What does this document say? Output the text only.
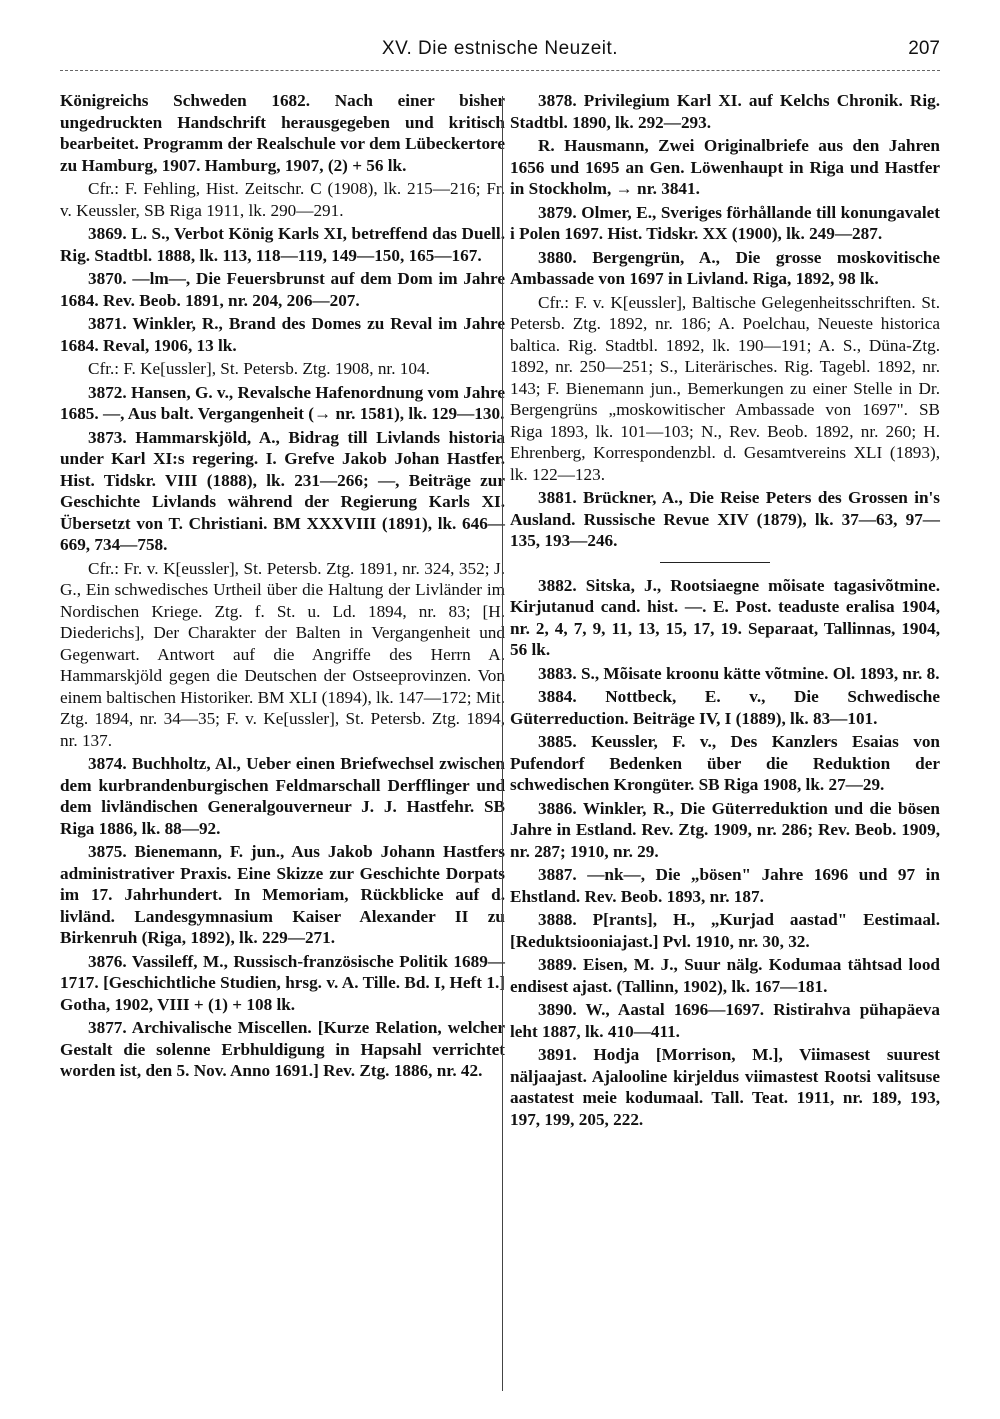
XV. Die estnische Neuzeit.	207

Königreichs Schweden 1682. Nach einer bisher ungedruckten Handschrift herausgegeben und kritisch bearbeitet. Programm der Realschule vor dem Lübeckertore zu Hamburg, 1907. Hamburg, 1907, (2) + 56 lk.

Cfr.: F. Fehling, Hist. Zeitschr. C (1908), lk. 215—216; Fr. v. Keussler, SB Riga 1911, lk. 290—291.

3869. L. S., Verbot König Karls XI, betreffend das Duell. Rig. Stadtbl. 1888, lk. 113, 118—119, 149—150, 165—167.

3870. —lm—, Die Feuersbrunst auf dem Dom im Jahre 1684. Rev. Beob. 1891, nr. 204, 206—207.

3871. Winkler, R., Brand des Domes zu Reval im Jahre 1684. Reval, 1906, 13 lk.

Cfr.: F. Ke[ussler], St. Petersb. Ztg. 1908, nr. 104.

3872. Hansen, G. v., Revalsche Hafenordnung vom Jahre 1685. —, Aus balt. Vergangenheit (→ nr. 1581), lk. 129—130.

3873. Hammarskjöld, A., Bidrag till Livlands historia under Karl XI:s regering. I. Grefve Jakob Johan Hastfer. Hist. Tidskr. VIII (1888), lk. 231—266; —, Beiträge zur Geschichte Livlands während der Regierung Karls XI. Übersetzt von T. Christiani. BM XXXVIII (1891), lk. 646—669, 734—758.

Cfr.: Fr. v. K[eussler], St. Petersb. Ztg. 1891, nr. 324, 352; J. G., Ein schwedisches Urtheil über die Haltung der Livländer im Nordischen Kriege. Ztg. f. St. u. Ld. 1894, nr. 83; [H. Diederichs], Der Charakter der Balten in Vergangenheit und Gegenwart. Antwort auf die Angriffe des Herrn A. Hammarskjöld gegen die Deutschen der Ostseeprovinzen. Von einem baltischen Historiker. BM XLI (1894), lk. 147—172; Mit. Ztg. 1894, nr. 34—35; F. v. Ke[ussler], St. Petersb. Ztg. 1894, nr. 137.

3874. Buchholtz, Al., Ueber einen Briefwechsel zwischen dem kurbrandenburgischen Feldmarschall Derfflinger und dem livländischen Generalgouverneur J. J. Hastfehr. SB Riga 1886, lk. 88—92.

3875. Bienemann, F. jun., Aus Jakob Johann Hastfers administrativer Praxis. Eine Skizze zur Geschichte Dorpats im 17. Jahrhundert. In Memoriam, Rückblicke auf d. livländ. Landesgymnasium Kaiser Alexander II zu Birkenruh (Riga, 1892), lk. 229—271.

3876. Vassileff, M., Russisch-französische Politik 1689—1717. [Geschichtliche Studien, hrsg. v. A. Tille. Bd. I, Heft 1.] Gotha, 1902, VIII + (1) + 108 lk.

3877. Archivalische Miscellen. [Kurze Relation, welcher Gestalt die solenne Erbhuldigung in Hapsahl verrichtet worden ist, den 5. Nov. Anno 1691.] Rev. Ztg. 1886, nr. 42.

3878. Privilegium Karl XI. auf Kelchs Chronik. Rig. Stadtbl. 1890, lk. 292—293.

R. Hausmann, Zwei Originalbriefe aus den Jahren 1656 und 1695 an Gen. Löwenhaupt in Riga und Hastfer in Stockholm, → nr. 3841.

3879. Olmer, E., Sveriges förhållande till konungavalet i Polen 1697. Hist. Tidskr. XX (1900), lk. 249—287.

3880. Bergengrün, A., Die grosse moskovitische Ambassade von 1697 in Livland. Riga, 1892, 98 lk.

Cfr.: F. v. K[eussler], Baltische Gelegenheitsschriften. St. Petersb. Ztg. 1892, nr. 186; A. Poelchau, Neueste historica baltica. Rig. Stadtbl. 1892, lk. 190—191; A. S., Düna-Ztg. 1892, nr. 250—251; S., Literärisches. Rig. Tagebl. 1892, nr. 143; F. Bienemann jun., Bemerkungen zu einer Stelle in Dr. Bergengrüns „moskowitischer Ambassade von 1697". SB Riga 1893, lk. 101—103; N., Rev. Beob. 1892, nr. 260; H. Ehrenberg, Korrespondenzbl. d. Gesamtvereins XLI (1893), lk. 122—123.

3881. Brückner, A., Die Reise Peters des Grossen in's Ausland. Russische Revue XIV (1879), lk. 37—63, 97—135, 193—246.

3882. Sitska, J., Rootsiaegne mõisate tagasivõtmine. Kirjutanud cand. hist. —. E. Post. teaduste eralisa 1904, nr. 2, 4, 7, 9, 11, 13, 15, 17, 19. Separaat, Tallinnas, 1904, 56 lk.

3883. S., Mõisate kroonu kätte võtmine. Ol. 1893, nr. 8.

3884. Nottbeck, E. v., Die Schwedische Güterreduction. Beiträge IV, I (1889), lk. 83—101.

3885. Keussler, F. v., Des Kanzlers Esaias von Pufendorf Bedenken über die Reduktion der schwedischen Krongüter. SB Riga 1908, lk. 27—29.

3886. Winkler, R., Die Güterreduktion und die bösen Jahre in Estland. Rev. Ztg. 1909, nr. 286; Rev. Beob. 1909, nr. 287; 1910, nr. 29.

3887. —nk—, Die „bösen" Jahre 1696 und 97 in Ehstland. Rev. Beob. 1893, nr. 187.

3888. P[rants], H., „Kurjad aastad" Eestimaal. [Reduktsiooniajast.] Pvl. 1910, nr. 30, 32.

3889. Eisen, M. J., Suur nälg. Kodumaa tähtsad lood endisest ajast. (Tallinn, 1902), lk. 167—181.

3890. W., Aastal 1696—1697. Ristirahva pühapäeva leht 1887, lk. 410—411.

3891. Hodja [Morrison, M.], Viimasest suurest näljaajast. Ajalooline kirjeldus viimastest Rootsi valitsuse aastatest meie kodumaal. Tall. Teat. 1911, nr. 189, 193, 197, 199, 205, 222.
